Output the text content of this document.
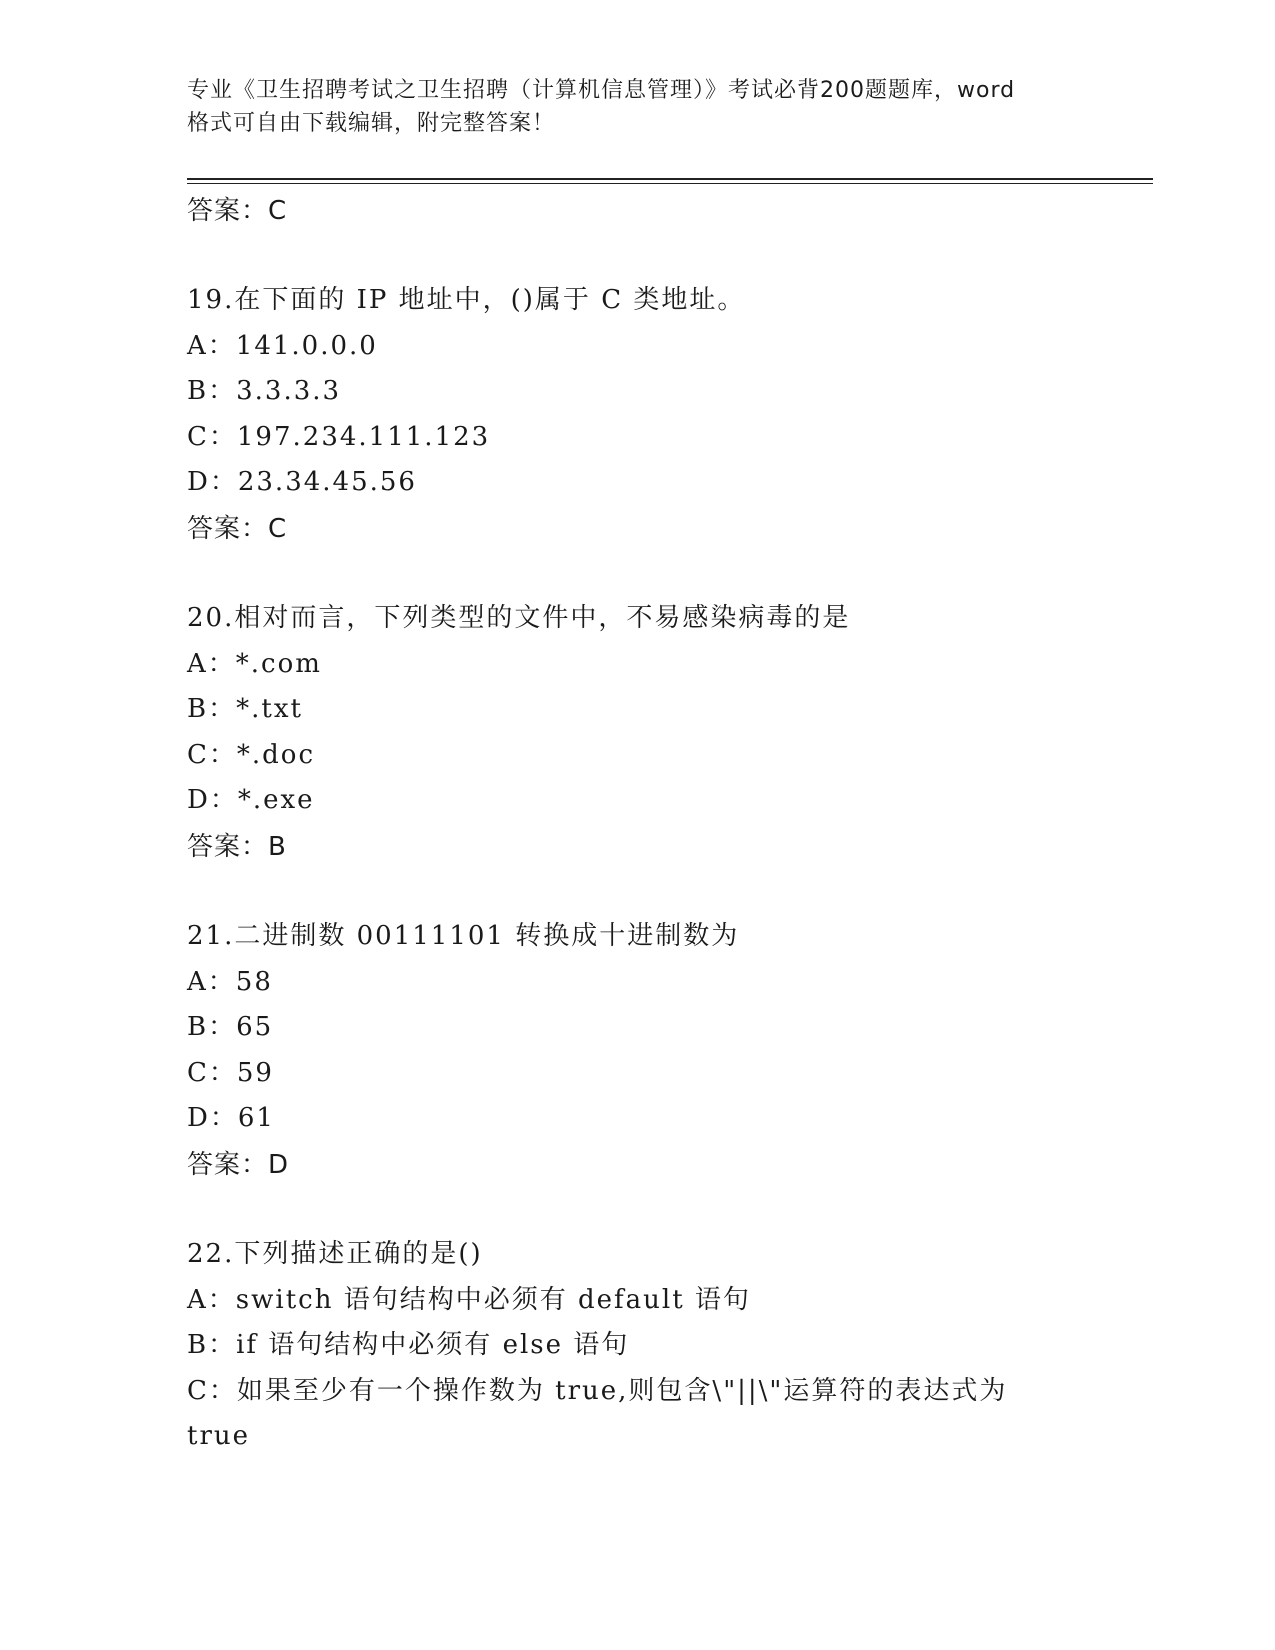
专业《卫生招聘考试之卫生招聘（计算机信息管理）》考试必背200题题库，word
格式可自由下载编辑，附完整答案！
答案：C
19.在下面的 IP 地址中，()属于 C 类地址。
A：141.0.0.0
B：3.3.3.3
C：197.234.111.123
D：23.34.45.56
答案：C
20.相对而言，下列类型的文件中，不易感染病毒的是
A：*.com
B：*.txt
C：*.doc
D：*.exe
答案：B
21.二进制数 00111101 转换成十进制数为
A：58
B：65
C：59
D：61
答案：D
22.下列描述正确的是()
A：switch 语句结构中必须有 default 语句
B：if 语句结构中必须有 else 语句
C：如果至少有一个操作数为 true,则包含\"||\"运算符的表达式为
true
